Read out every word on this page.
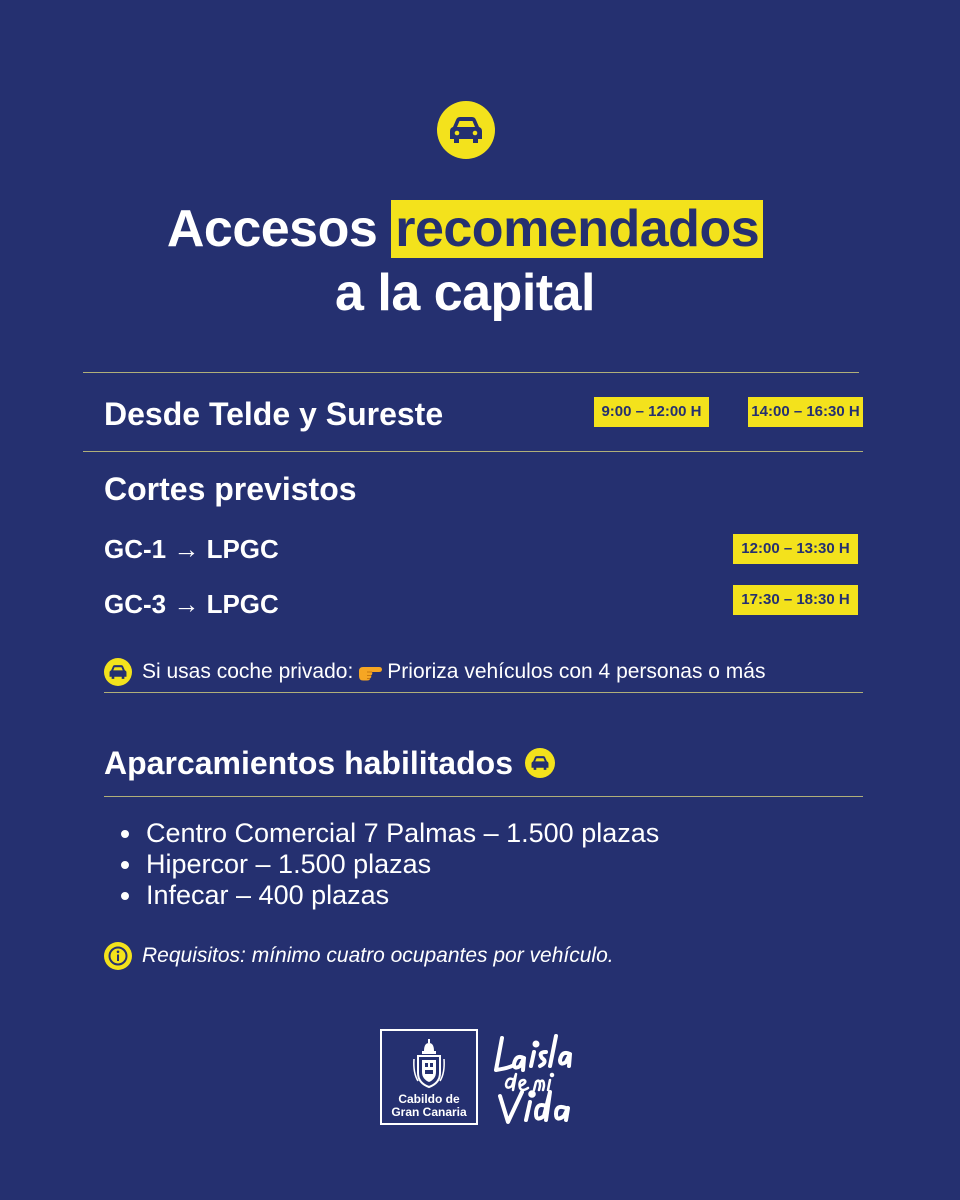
Accesos recomendados
a la capital
Desde Telde y Sureste	9:00 – 12:00 H	14:00 – 16:30 H
Cortes previstos
GC-1 → LPGC	12:00 – 13:30 H
GC-3 → LPGC	17:30 – 18:30 H
Si usas coche privado: Prioriza vehículos con 4 personas o más
Aparcamientos habilitados
Centro Comercial 7 Palmas – 1.500 plazas
Hipercor – 1.500 plazas
Infecar – 400 plazas
Requisitos: mínimo cuatro ocupantes por vehículo.
Cabildo de
Gran Canaria
